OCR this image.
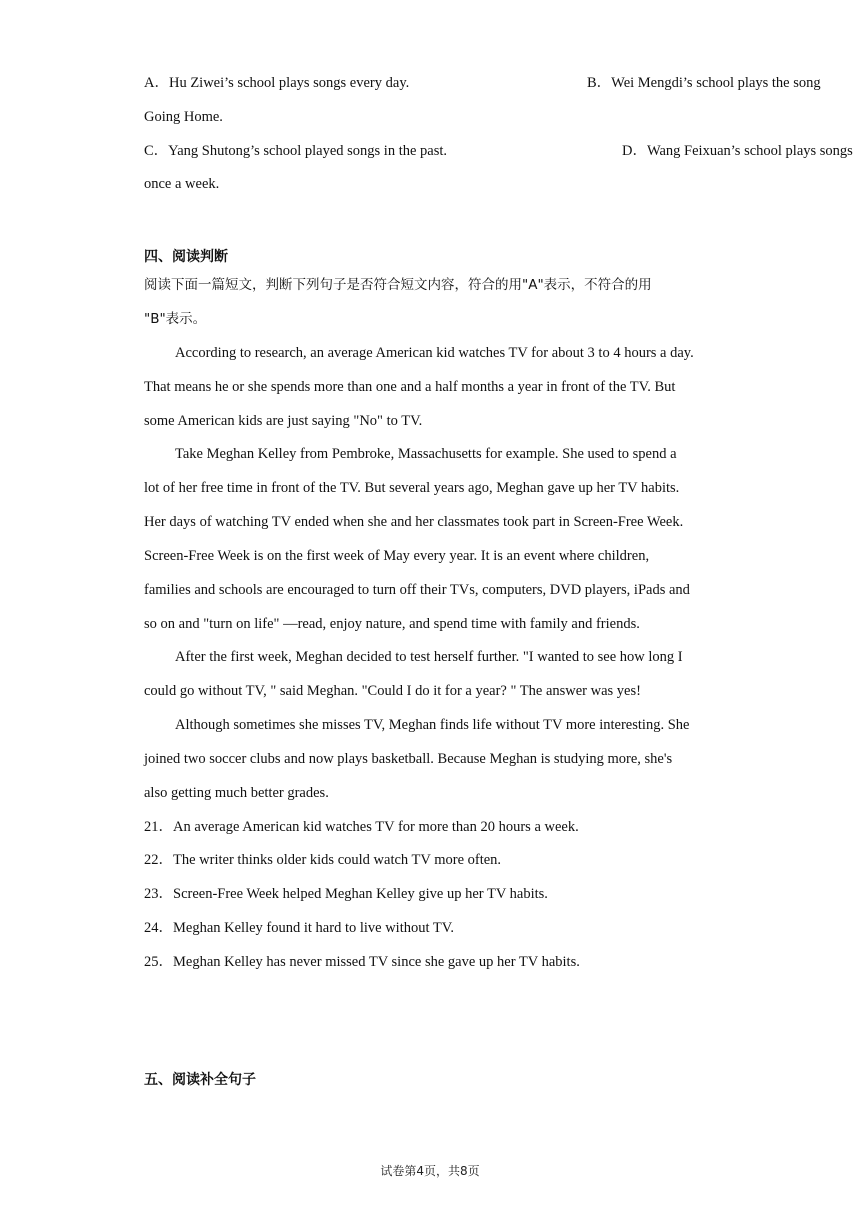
A．Hu Ziwei’s school plays songs every day.	B．Wei Mengdi’s school plays the song
Going Home.
C．Yang Shutong’s school played songs in the past.	D．Wang Feixuan’s school plays songs
once a week.
四、阅读判断
阅读下面一篇短文，判断下列句子是否符合短文内容，符合的用"A"表示，不符合的用
"B"表示。
According to research, an average American kid watches TV for about 3 to 4 hours a day.
That means he or she spends more than one and a half months a year in front of the TV. But
some American kids are just saying "No" to TV.
Take Meghan Kelley from Pembroke, Massachusetts for example. She used to spend a
lot of her free time in front of the TV. But several years ago, Meghan gave up her TV habits.
Her days of watching TV ended when she and her classmates took part in Screen-Free Week.
Screen-Free Week is on the first week of May every year. It is an event where children,
families and schools are encouraged to turn off their TVs, computers, DVD players, iPads and
so on and "turn on life" —read, enjoy nature, and spend time with family and friends.
After the first week, Meghan decided to test herself further. "I wanted to see how long I
could go without TV, " said Meghan. "Could I do it for a year? " The answer was yes!
Although sometimes she misses TV, Meghan finds life without TV more interesting. She
joined two soccer clubs and now plays basketball. Because Meghan is studying more, she's
also getting much better grades.
21．An average American kid watches TV for more than 20 hours a week.
22．The writer thinks older kids could watch TV more often.
23．Screen-Free Week helped Meghan Kelley give up her TV habits.
24．Meghan Kelley found it hard to live without TV.
25．Meghan Kelley has never missed TV since she gave up her TV habits.
五、阅读补全句子
试卷第4页，共8页
